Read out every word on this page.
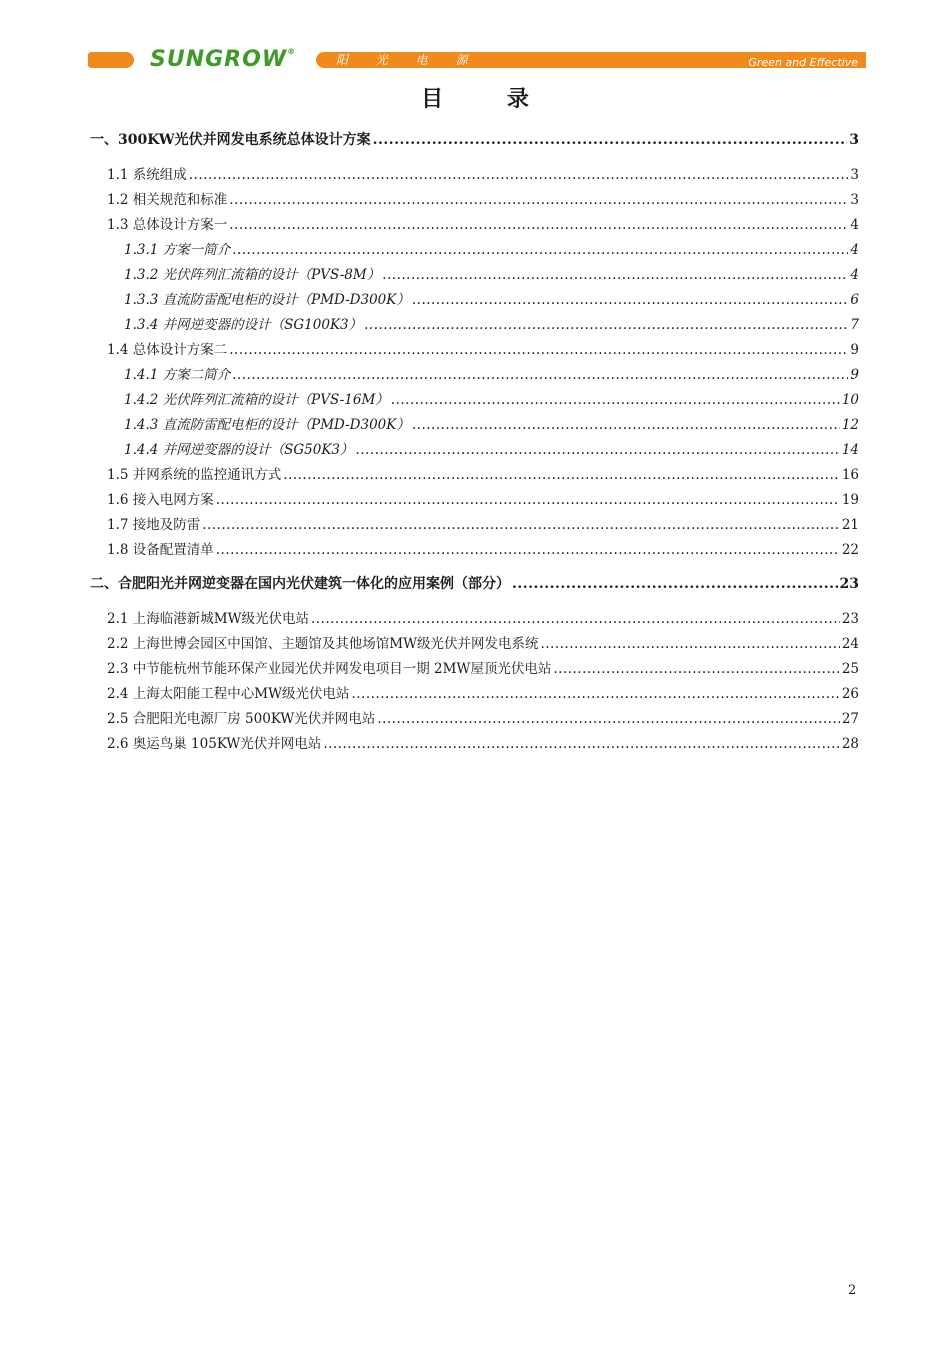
SUNGROW®
Green and Effective
阳 光 电 源
目 录
一、300KW光伏并网发电系统总体设计方案 .....	3
1.1 系统组成 .....	3
1.2 相关规范和标准 .....	3
1.3 总体设计方案一 .....	4
1.3.1 方案一简介 .....	4
1.3.2 光伏阵列汇流箱的设计（PVS-8M） .....	4
1.3.3 直流防雷配电柜的设计（PMD-D300K） .....	6
1.3.4 并网逆变器的设计（SG100K3） .....	7
1.4 总体设计方案二 .....	9
1.4.1 方案二简介 .....	9
1.4.2 光伏阵列汇流箱的设计（PVS-16M） .....	10
1.4.3 直流防雷配电柜的设计（PMD-D300K） .....	12
1.4.4 并网逆变器的设计（SG50K3） .....	14
1.5 并网系统的监控通讯方式 .....	16
1.6 接入电网方案 .....	19
1.7 接地及防雷 .....	21
1.8 设备配置清单 .....	22
二、合肥阳光并网逆变器在国内光伏建筑一体化的应用案例（部分） .....	23
2.1 上海临港新城MW级光伏电站 .....	23
2.2 上海世博会园区中国馆、主题馆及其他场馆MW级光伏并网发电系统 .....	24
2.3 中节能杭州节能环保产业园光伏并网发电项目一期 2MW屋顶光伏电站 .....	25
2.4 上海太阳能工程中心MW级光伏电站 .....	26
2.5 合肥阳光电源厂房 500KW光伏并网电站 .....	27
2.6 奥运鸟巢 105KW光伏并网电站 .....	28
2
